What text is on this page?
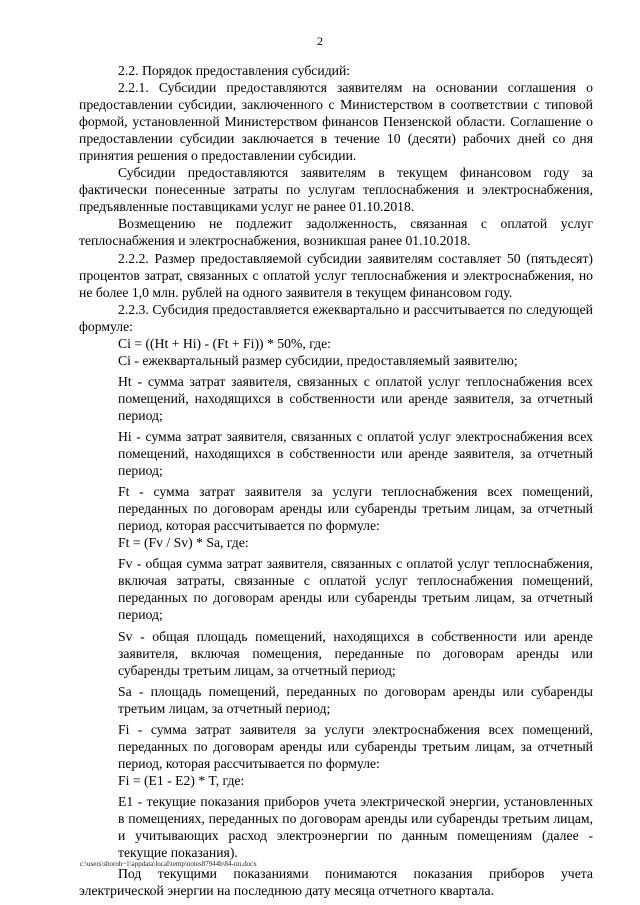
2

2.2. Порядок предоставления субсидий:

2.2.1. Субсидии предоставляются заявителям на основании соглашения о предоставлении субсидии, заключенного с Министерством в соответствии с типовой формой, установленной Министерством финансов Пензенской области. Соглашение о предоставлении субсидии заключается в течение 10 (десяти) рабочих дней со дня принятия решения о предоставлении субсидии.

Субсидии предоставляются заявителям в текущем финансовом году за фактически понесенные затраты по услугам теплоснабжения и электроснабжения, предъявленные поставщиками услуг не ранее 01.10.2018.

Возмещению не подлежит задолженность, связанная с оплатой услуг теплоснабжения и электроснабжения, возникшая ранее 01.10.2018.

2.2.2. Размер предоставляемой субсидии заявителям составляет 50 (пятьдесят) процентов затрат, связанных с оплатой услуг теплоснабжения и электроснабжения, но не более 1,0 млн. рублей на одного заявителя в текущем финансовом году.

2.2.3. Субсидия предоставляется ежеквартально и рассчитывается по следующей формуле:

Ci = ((Ht + Hi) - (Ft + Fi)) * 50%, где:

Ci - ежеквартальный размер субсидии, предоставляемый заявителю;

Ht - сумма затрат заявителя, связанных с оплатой услуг теплоснабжения всех помещений, находящихся в собственности или аренде заявителя, за отчетный период;

Hi - сумма затрат заявителя, связанных с оплатой услуг электроснабжения всех помещений, находящихся в собственности или аренде заявителя, за отчетный период;

Ft - сумма затрат заявителя за услуги теплоснабжения всех помещений, переданных по договорам аренды или субаренды третьим лицам, за отчетный период, которая рассчитывается по формуле:

Ft = (Fv / Sv) * Sa, где:

Fv - общая сумма затрат заявителя, связанных с оплатой услуг теплоснабжения, включая затраты, связанные с оплатой услуг теплоснабжения помещений, переданных по договорам аренды или субаренды третьим лицам, за отчетный период;

Sv - общая площадь помещений, находящихся в собственности или аренде заявителя, включая помещения, переданные по договорам аренды или субаренды третьим лицам, за отчетный период;

Sa - площадь помещений, переданных по договорам аренды или субаренды третьим лицам, за отчетный период;

Fi - сумма затрат заявителя за услуги электроснабжения всех помещений, переданных по договорам аренды или субаренды третьим лицам, за отчетный период, которая рассчитывается по формуле:

Fi = (E1 - E2) * T, где:

E1 - текущие показания приборов учета электрической энергии, установленных в помещениях, переданных по договорам аренды или субаренды третьим лицам, и учитывающих расход электроэнергии по данным помещениям (далее - текущие показания).

Под текущими показаниями понимаются показания приборов учета электрической энергии на последнюю дату месяца отчетного квартала.

c:\users\shoroh~1\appdata\local\temp\notes87944b\84-пп.docx
